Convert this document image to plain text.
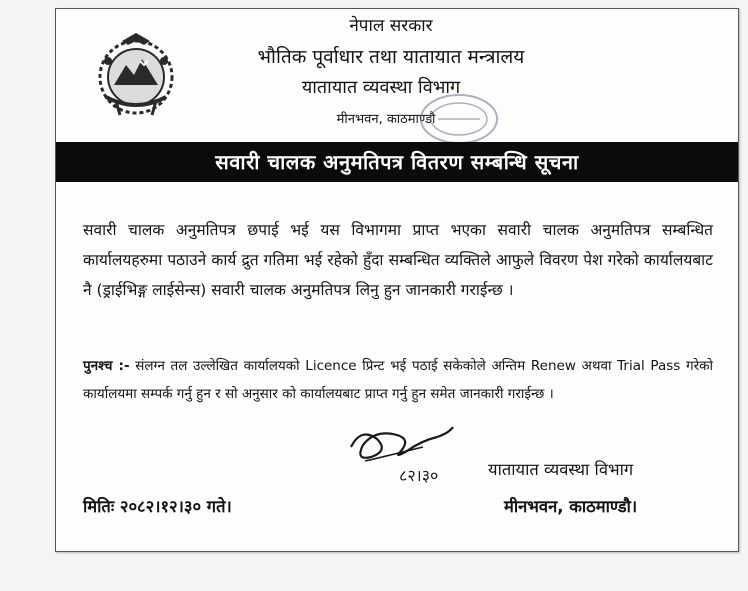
नेपाल सरकार
भौतिक पूर्वाधार तथा यातायात मन्त्रालय
यातायात व्यवस्था विभाग
मीनभवन, काठमाण्डौ
सवारी चालक अनुमतिपत्र वितरण सम्बन्धि सूचना
सवारी चालक अनुमतिपत्र छपाई भई यस विभागमा प्राप्त भएका सवारी चालक अनुमतिपत्र सम्बन्धित कार्यालयहरुमा पठाउने कार्य द्रुत गतिमा भई रहेको हुँदा सम्बन्धित व्यक्तिले आफुले विवरण पेश गरेको कार्यालयबाट नै (ड्राईभिङ्ग लाईसेन्स) सवारी चालक अनुमतिपत्र लिनु हुन जानकारी गराईन्छ ।
पुनश्च :- संलग्न तल उल्लेखित कार्यालयको Licence प्रिन्ट भई पठाई सकेकोले अन्तिम Renew अथवा Trial Pass गरेको कार्यालयमा सम्पर्क गर्नु हुन र सो अनुसार को कार्यालयबाट प्राप्त गर्नु हुन समेत जानकारी गराईन्छ ।
८२।३०	यातायात व्यवस्था विभाग
मितिः २०८२।१२।३० गते।	मीनभवन, काठमाण्डौ।
